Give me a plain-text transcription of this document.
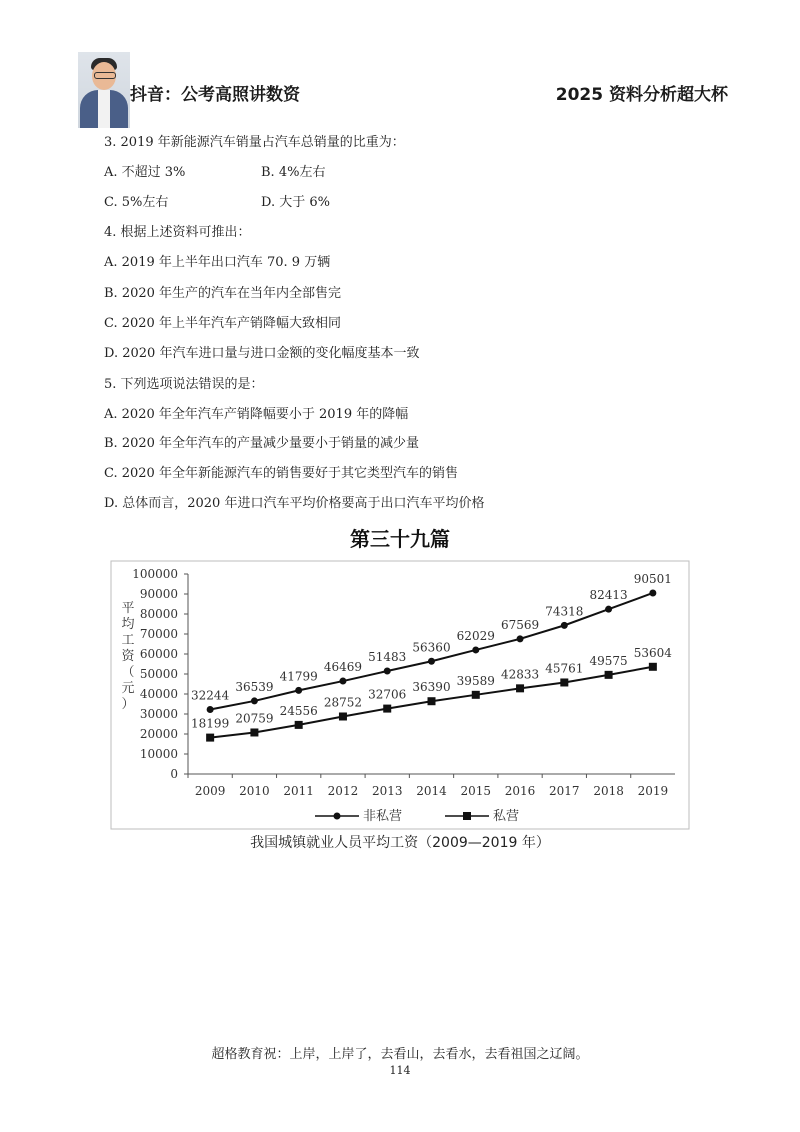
抖音：公考高照讲数资	2025 资料分析超大杯
3. 2019 年新能源汽车销量占汽车总销量的比重为：
A. 不超过 3%	B. 4%左右
C. 5%左右	D. 大于 6%
4. 根据上述资料可推出：
A. 2019 年上半年出口汽车 70. 9 万辆
B. 2020 年生产的汽车在当年内全部售完
C. 2020 年上半年汽车产销降幅大致相同
D. 2020 年汽车进口量与进口金额的变化幅度基本一致
5. 下列选项说法错误的是：
A. 2020 年全年汽车产销降幅要小于 2019 年的降幅
B. 2020 年全年汽车的产量减少量要小于销量的减少量
C. 2020 年全年新能源汽车的销售要好于其它类型汽车的销售
D. 总体而言，2020 年进口汽车平均价格要高于出口汽车平均价格
第三十九篇
0
10000
20000
30000
40000
50000
60000
70000
80000
90000
100000
2009 2010 2011 2012 2013 2014 2015 2016 2017 2018 2019
平
均
工
资
（
元
）
32244
36539
41799
46469
51483
56360
62029
67569
74318
82413
90501
18199 20759
24556
28752
32706
36390 39589 42833 45761
49575
53604
非私营	私营
我国城镇就业人员平均工资（2009—2019 年）
超格教育祝：上岸，上岸了，去看山，去看水，去看祖国之辽阔。
114
